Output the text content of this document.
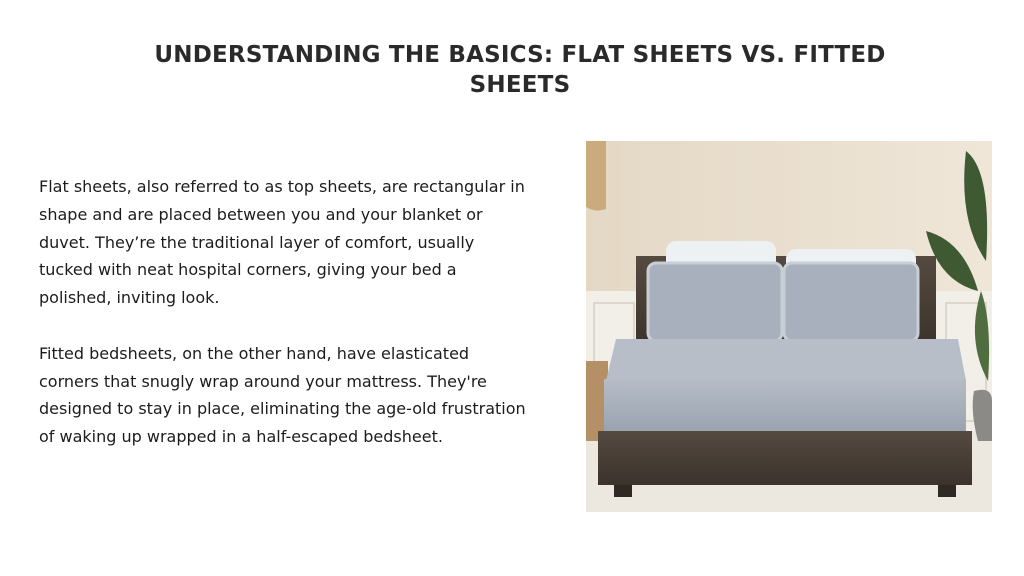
UNDERSTANDING THE BASICS: FLAT SHEETS VS. FITTED SHEETS

Flat sheets, also referred to as top sheets, are rectangular in shape and are placed between you and your blanket or duvet. They’re the traditional layer of comfort, usually tucked with neat hospital corners, giving your bed a polished, inviting look.

Fitted bedsheets, on the other hand, have elasticated corners that snugly wrap around your mattress. They're designed to stay in place, eliminating the age-old frustration of waking up wrapped in a half-escaped bedsheet.
